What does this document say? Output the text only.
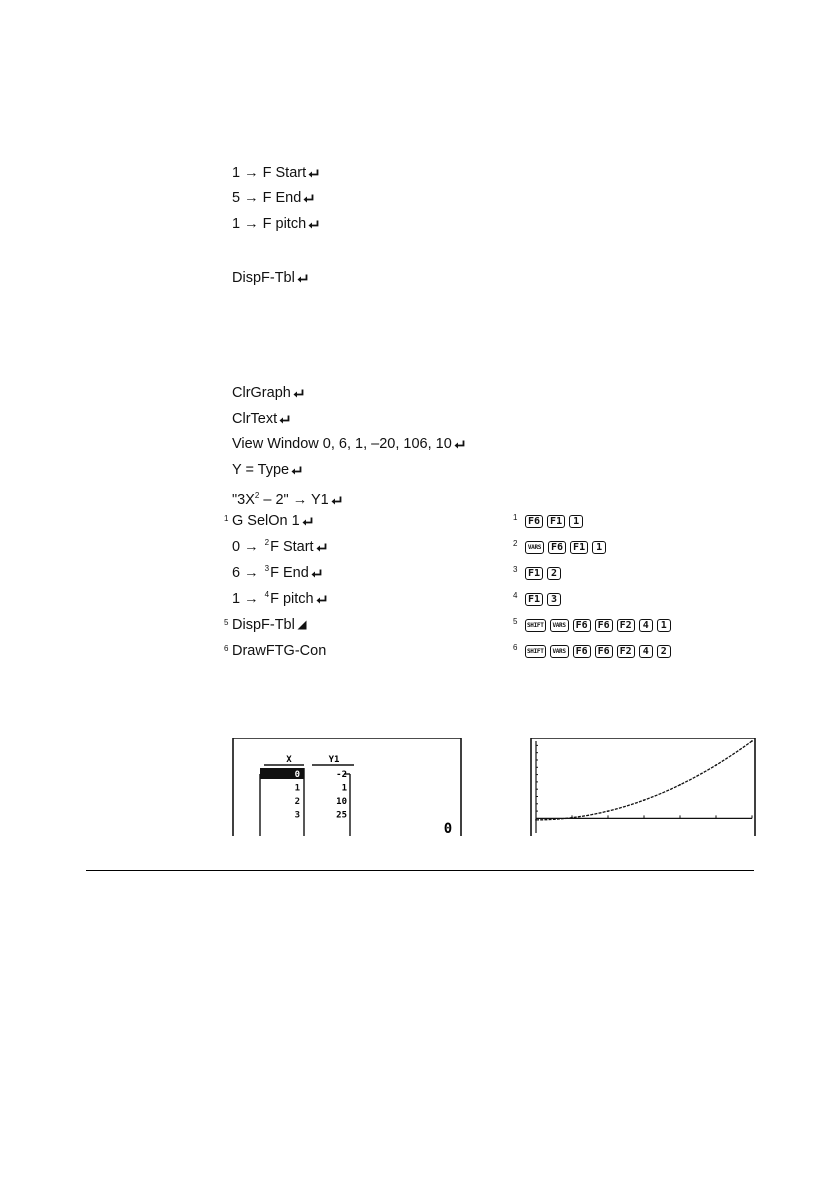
1 → F Start
5 → F End
1 → F pitch
DispF-Tbl
ClrGraph
ClrText
View Window 0, 6, 1, –20, 106, 10
Y = Type
"$3X^2 - 2$" → Y1
1 G SelOn 1
0 → $^2$F Start
6 → $^3$F End
1 → $^4$F pitch
5 DispF-Tbl
6 DrawFTG-Con
1	F6	F1	1
2	VARS F6	F1	1
3	F1	2
4	F1	3
5	SHIFT	VARS F6	F6	F2	4	1
6	SHIFT	VARS F6	F6	F2	4	2
X	Y1
0	-2
1	1
2	10
3	25
0
